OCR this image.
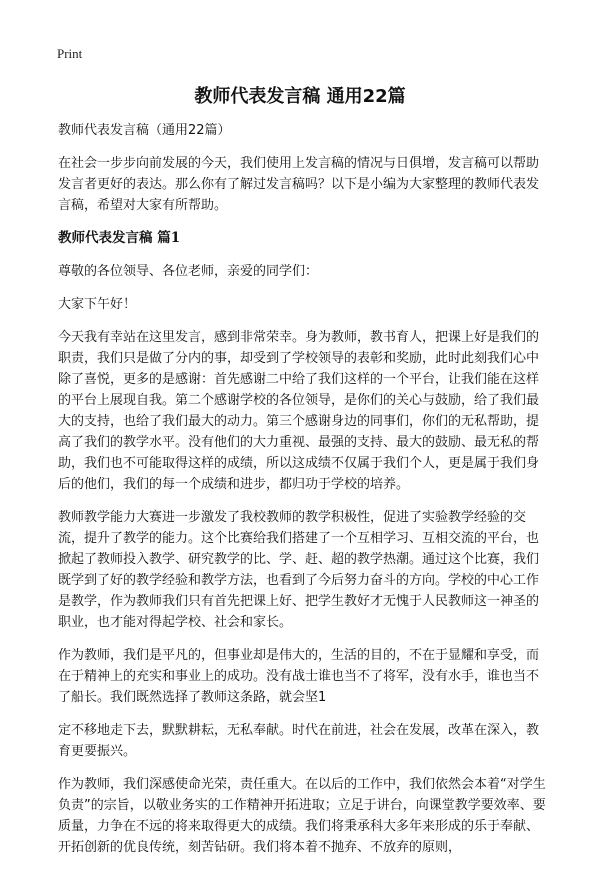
Print
教师代表发言稿 通用22篇

教师代表发言稿（通用22篇）

在社会一步步向前发展的今天，我们使用上发言稿的情况与日俱增，发言稿可以帮助发言者更好的表达。那么你有了解过发言稿吗？以下是小编为大家整理的教师代表发言稿，希望对大家有所帮助。

教师代表发言稿 篇1

尊敬的各位领导、各位老师，亲爱的同学们：

大家下午好！

今天我有幸站在这里发言，感到非常荣幸。身为教师，教书育人，把课上好是我们的职责，我们只是做了分内的事，却受到了学校领导的表彰和奖励，此时此刻我们心中除了喜悦，更多的是感谢：首先感谢二中给了我们这样的一个平台，让我们能在这样的平台上展现自我。第二个感谢学校的各位领导，是你们的关心与鼓励，给了我们最大的支持，也给了我们最大的动力。第三个感谢身边的同事们，你们的无私帮助，提高了我们的教学水平。没有他们的大力重视、最强的支持、最大的鼓励、最无私的帮助，我们也不可能取得这样的成绩，所以这成绩不仅属于我们个人，更是属于我们身后的他们，我们的每一个成绩和进步，都归功于学校的培养。

教师教学能力大赛进一步激发了我校教师的教学积极性，促进了实验教学经验的交流，提升了教学的能力。这个比赛给我们搭建了一个互相学习、互相交流的平台，也掀起了教师投入教学、研究教学的比、学、赶、超的教学热潮。通过这个比赛，我们既学到了好的教学经验和教学方法，也看到了今后努力奋斗的方向。学校的中心工作是教学，作为教师我们只有首先把课上好、把学生教好才无愧于人民教师这一神圣的职业，也才能对得起学校、社会和家长。

作为教师，我们是平凡的，但事业却是伟大的，生活的目的，不在于显耀和享受，而在于精神上的充实和事业上的成功。没有战士谁也当不了将军，没有水手，谁也当不了船长。我们既然选择了教师这条路，就会坚1

定不移地走下去，默默耕耘，无私奉献。时代在前进，社会在发展，改革在深入，教育更要振兴。

作为教师，我们深感使命光荣，责任重大。在以后的工作中，我们依然会本着“对学生负责”的宗旨，以敬业务实的工作精神开拓进取；立足于讲台，向课堂教学要效率、要质量，力争在不远的将来取得更大的成绩。我们将秉承科大多年来形成的乐于奉献、开拓创新的优良传统，刻苦钻研。我们将本着不抛弃、不放弃的原则，
